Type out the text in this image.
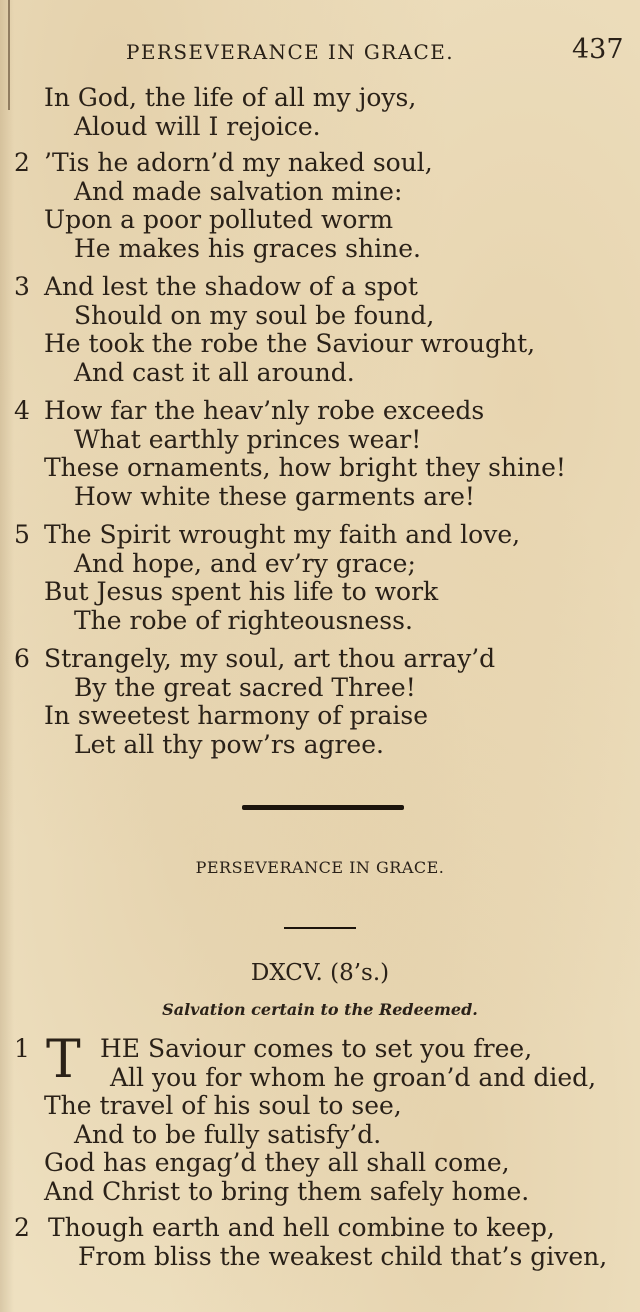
PERSEVERANCE IN GRACE.	437
In God, the life of all my joys,
Aloud will I rejoice.
2 ’Tis he adorn’d my naked soul,
And made salvation mine:
Upon a poor polluted worm
He makes his graces shine.
3 And lest the shadow of a spot
Should on my soul be found,
He took the robe the Saviour wrought,
And cast it all around.
4 How far the heav’nly robe exceeds
What earthly princes wear!
These ornaments, how bright they shine!
How white these garments are!
5 The Spirit wrought my faith and love,
And hope, and ev’ry grace;
But Jesus spent his life to work
The robe of righteousness.
6 Strangely, my soul, art thou array’d
By the great sacred Three!
In sweetest harmony of praise
Let all thy pow’rs agree.
PERSEVERANCE IN GRACE.
DXCV. (8’s.)
Salvation certain to the Redeemed.
1 T HE Saviour comes to set you free,
All you for whom he groan’d and died,
The travel of his soul to see,
And to be fully satisfy’d.
God has engag’d they all shall come,
And Christ to bring them safely home.
2 Though earth and hell combine to keep,
From bliss the weakest child that’s given,
